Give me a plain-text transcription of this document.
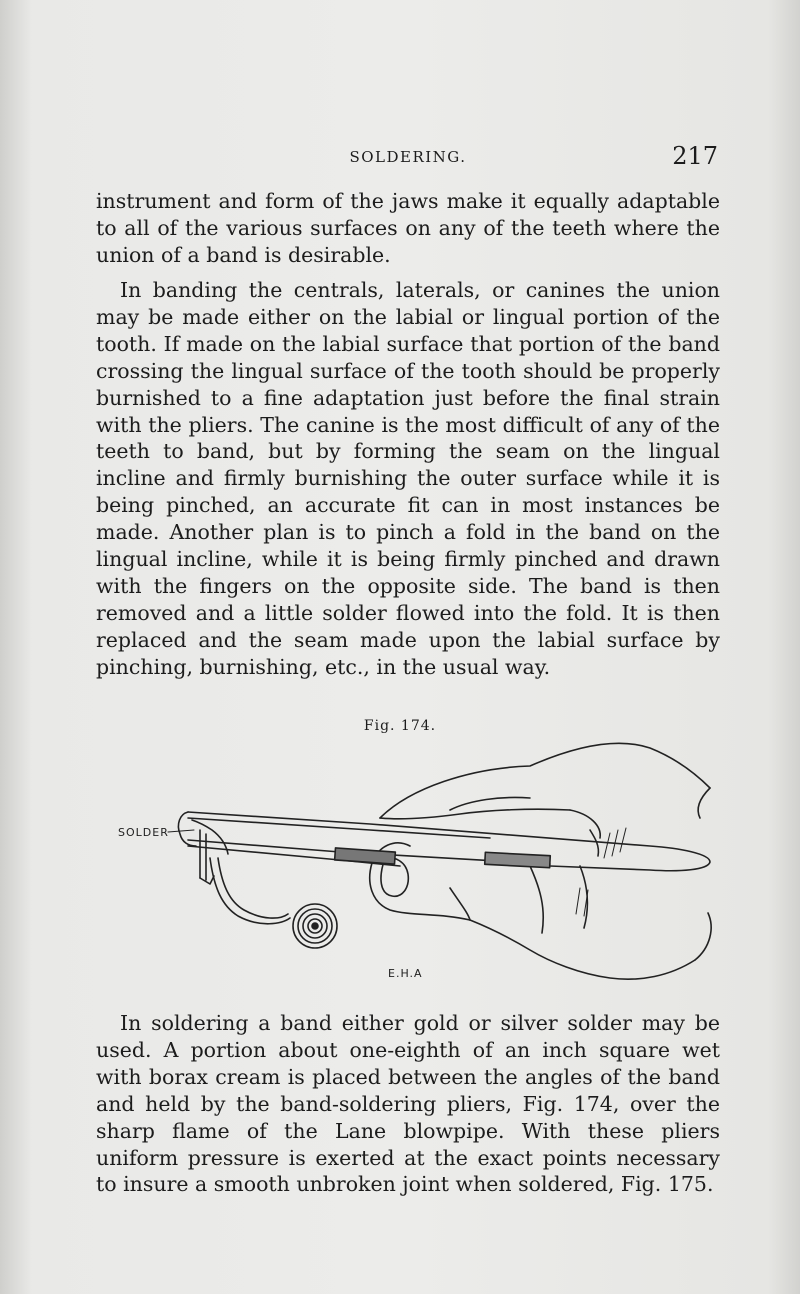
SOLDERING.	217

instrument and form of the jaws make it equally adaptable to all of the various surfaces on any of the teeth where the union of a band is desirable.

In banding the centrals, laterals, or canines the union may be made either on the labial or lingual portion of the tooth. If made on the labial surface that portion of the band crossing the lingual surface of the tooth should be properly burnished to a fine adaptation just before the final strain with the pliers. The canine is the most difficult of any of the teeth to band, but by forming the seam on the lingual incline and firmly burnishing the outer surface while it is being pinched, an accurate fit can in most instances be made. Another plan is to pinch a fold in the band on the lingual incline, while it is being firmly pinched and drawn with the fingers on the opposite side. The band is then removed and a little solder flowed into the fold. It is then replaced and the seam made upon the labial surface by pinching, burnishing, etc., in the usual way.

Fig. 174.
SOLDER
E.H.A

In soldering a band either gold or silver solder may be used. A portion about one-eighth of an inch square wet with borax cream is placed between the angles of the band and held by the band-soldering pliers, Fig. 174, over the sharp flame of the Lane blowpipe. With these pliers uniform pressure is exerted at the exact points necessary to insure a smooth unbroken joint when soldered, Fig. 175.
